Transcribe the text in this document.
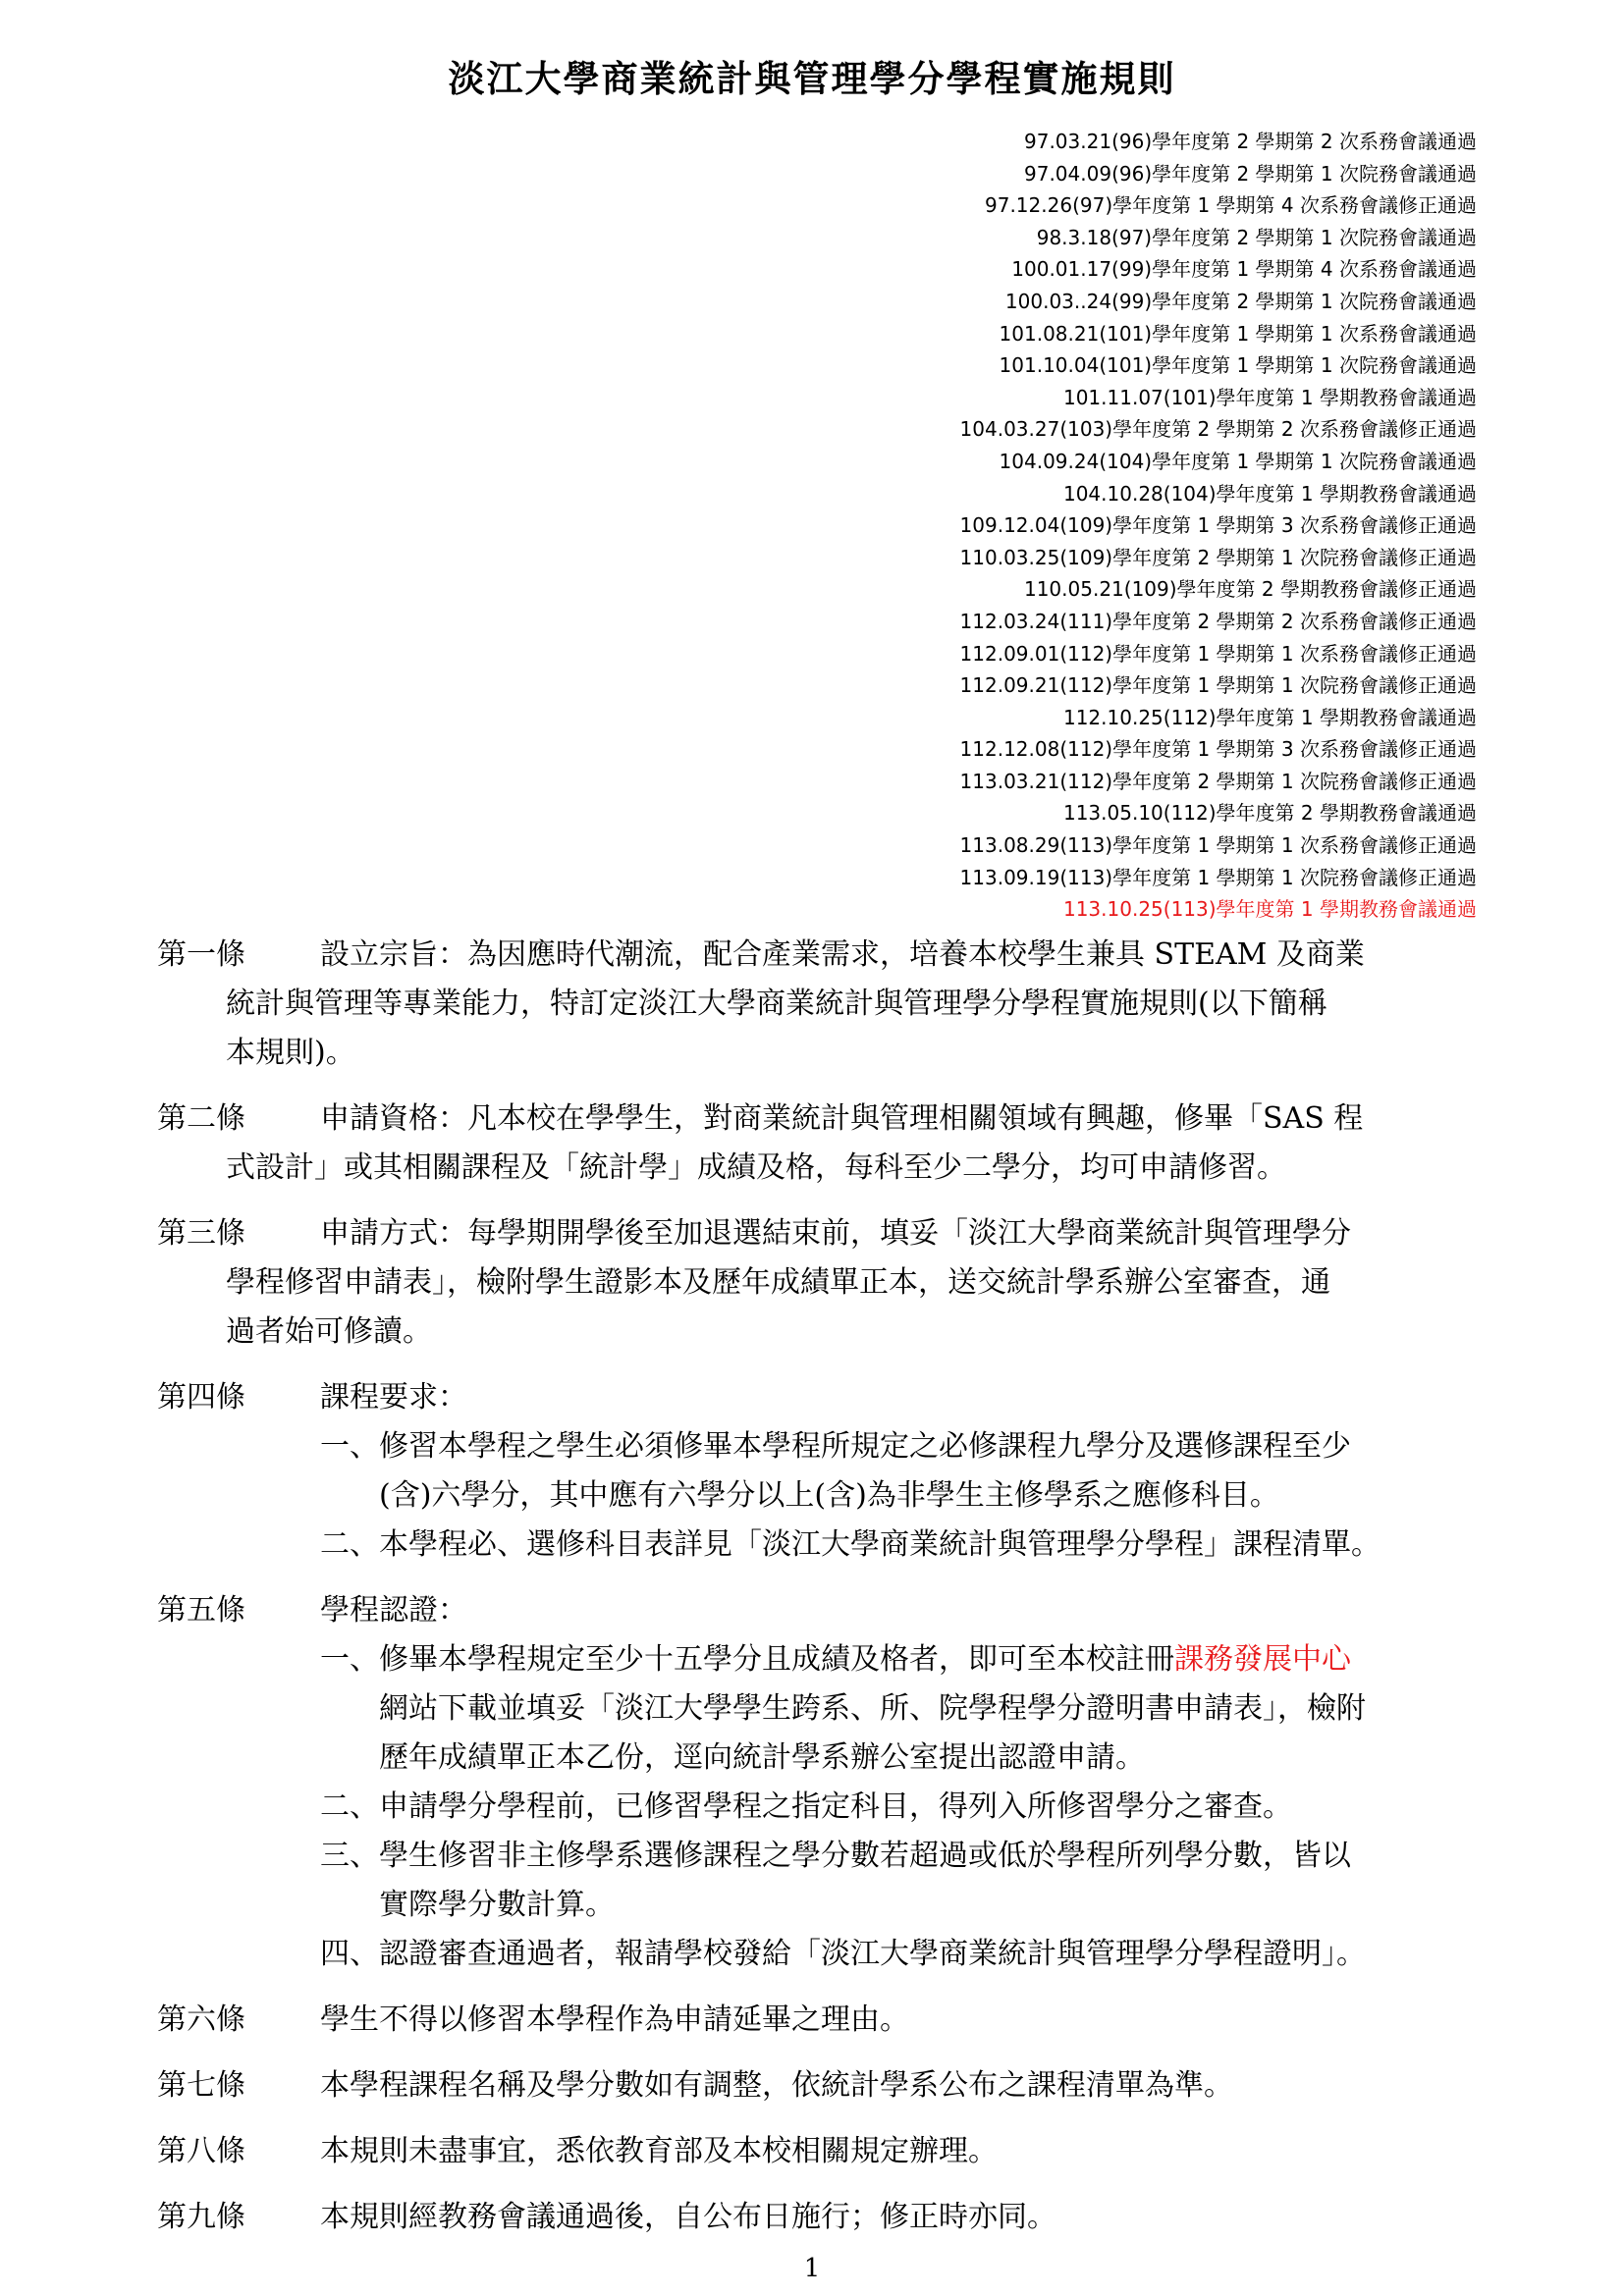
淡江大學商業統計與管理學分學程實施規則
97.03.21(96)學年度第 2 學期第 2 次系務會議通過
97.04.09(96)學年度第 2 學期第 1 次院務會議通過
97.12.26(97)學年度第 1 學期第 4 次系務會議修正通過
98.3.18(97)學年度第 2 學期第 1 次院務會議通過
100.01.17(99)學年度第 1 學期第 4 次系務會議通過
100.03..24(99)學年度第 2 學期第 1 次院務會議通過
101.08.21(101)學年度第 1 學期第 1 次系務會議通過
101.10.04(101)學年度第 1 學期第 1 次院務會議通過
101.11.07(101)學年度第 1 學期教務會議通過
104.03.27(103)學年度第 2 學期第 2 次系務會議修正通過
104.09.24(104)學年度第 1 學期第 1 次院務會議通過
104.10.28(104)學年度第 1 學期教務會議通過
109.12.04(109)學年度第 1 學期第 3 次系務會議修正通過
110.03.25(109)學年度第 2 學期第 1 次院務會議修正通過
110.05.21(109)學年度第 2 學期教務會議修正通過
112.03.24(111)學年度第 2 學期第 2 次系務會議修正通過
112.09.01(112)學年度第 1 學期第 1 次系務會議修正通過
112.09.21(112)學年度第 1 學期第 1 次院務會議修正通過
112.10.25(112)學年度第 1 學期教務會議通過
112.12.08(112)學年度第 1 學期第 3 次系務會議修正通過
113.03.21(112)學年度第 2 學期第 1 次院務會議修正通過
113.05.10(112)學年度第 2 學期教務會議通過
113.08.29(113)學年度第 1 學期第 1 次系務會議修正通過
113.09.19(113)學年度第 1 學期第 1 次院務會議修正通過
113.10.25(113)學年度第 1 學期教務會議通過
第一條	設立宗旨：為因應時代潮流，配合產業需求，培養本校學生兼具 STEAM 及商業
統計與管理等專業能力，特訂定淡江大學商業統計與管理學分學程實施規則(以下簡稱
本規則)。
第二條	申請資格：凡本校在學學生，對商業統計與管理相關領域有興趣，修畢「SAS 程
式設計」或其相關課程及「統計學」成績及格，每科至少二學分，均可申請修習。
第三條	申請方式：每學期開學後至加退選結束前，填妥「淡江大學商業統計與管理學分
學程修習申請表」，檢附學生證影本及歷年成績單正本，送交統計學系辦公室審查，通
過者始可修讀。
第四條	課程要求：
一、 修習本學程之學生必須修畢本學程所規定之必修課程九學分及選修課程至少
(含)六學分，其中應有六學分以上(含)為非學生主修學系之應修科目。
二、 本學程必、選修科目表詳見「淡江大學商業統計與管理學分學程」課程清單。
第五條	學程認證：
一、 修畢本學程規定至少十五學分且成績及格者，即可至本校註冊課務發展中心
網站下載並填妥「淡江大學學生跨系、所、院學程學分證明書申請表」，檢附
歷年成績單正本乙份，逕向統計學系辦公室提出認證申請。
二、 申請學分學程前，已修習學程之指定科目，得列入所修習學分之審查。
三、 學生修習非主修學系選修課程之學分數若超過或低於學程所列學分數，皆以
實際學分數計算。
四、 認證審查通過者，報請學校發給「淡江大學商業統計與管理學分學程證明」。
第六條	學生不得以修習本學程作為申請延畢之理由。
第七條	本學程課程名稱及學分數如有調整，依統計學系公布之課程清單為準。
第八條	本規則未盡事宜，悉依教育部及本校相關規定辦理。
第九條	本規則經教務會議通過後，自公布日施行；修正時亦同。
1
